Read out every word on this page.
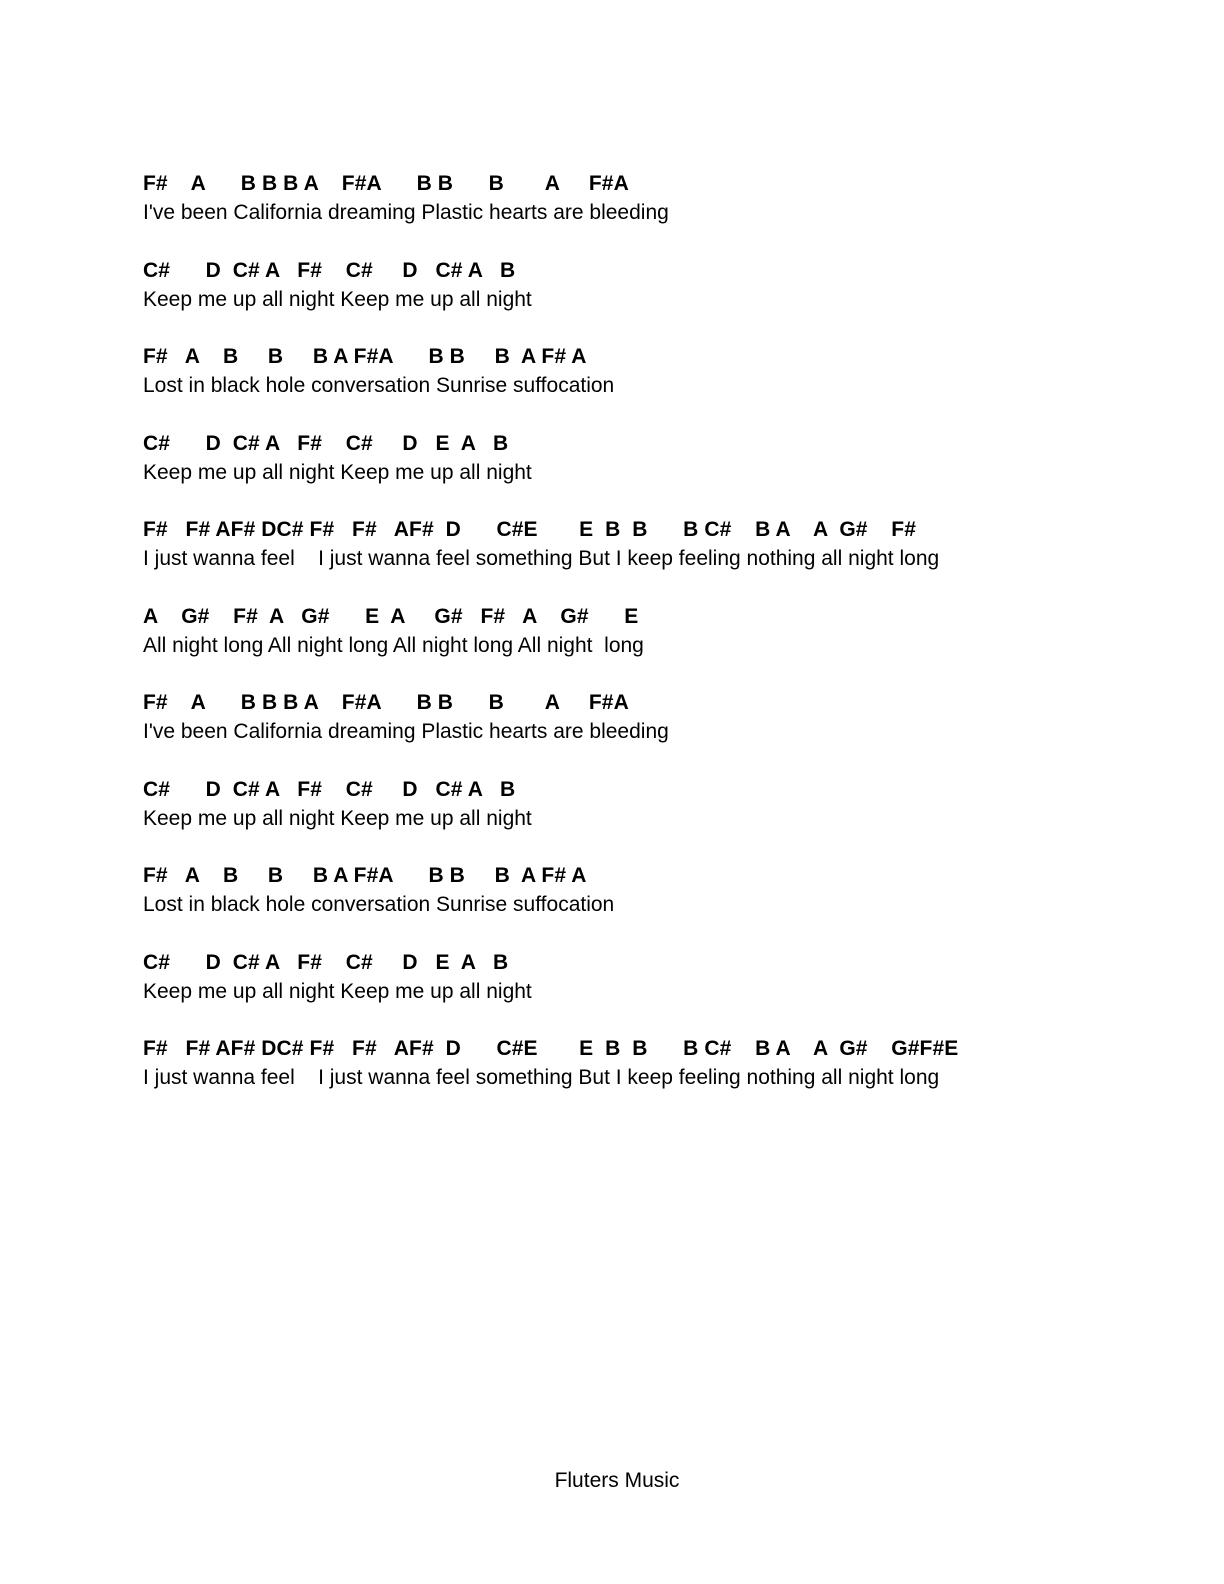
F#    A      B B B A    F#A      B B      B       A     F#A
I've been California dreaming Plastic hearts are bleeding
C#      D  C# A   F#    C#     D   C# A   B
Keep me up all night Keep me up all night
F#   A    B     B     B A F#A      B B     B  A F# A
Lost in black hole conversation Sunrise suffocation
C#      D  C# A   F#    C#     D   E  A   B
Keep me up all night Keep me up all night
F#   F# AF# DC# F#   F#   AF#  D      C#E       E  B  B      B C#    B A    A  G#    F#
I just wanna feel    I just wanna feel something But I keep feeling nothing all night long
A    G#    F#  A   G#      E  A     G#   F#   A    G#      E
All night long All night long All night long All night  long
F#    A      B B B A    F#A      B B      B       A     F#A
I've been California dreaming Plastic hearts are bleeding
C#      D  C# A   F#    C#     D   C# A   B
Keep me up all night Keep me up all night
F#   A    B     B     B A F#A      B B     B  A F# A
Lost in black hole conversation Sunrise suffocation
C#      D  C# A   F#    C#     D   E  A   B
Keep me up all night Keep me up all night
F#   F# AF# DC# F#   F#   AF#  D      C#E       E  B  B      B C#    B A    A  G#    G#F#E
I just wanna feel    I just wanna feel something But I keep feeling nothing all night long
Fluters Music
